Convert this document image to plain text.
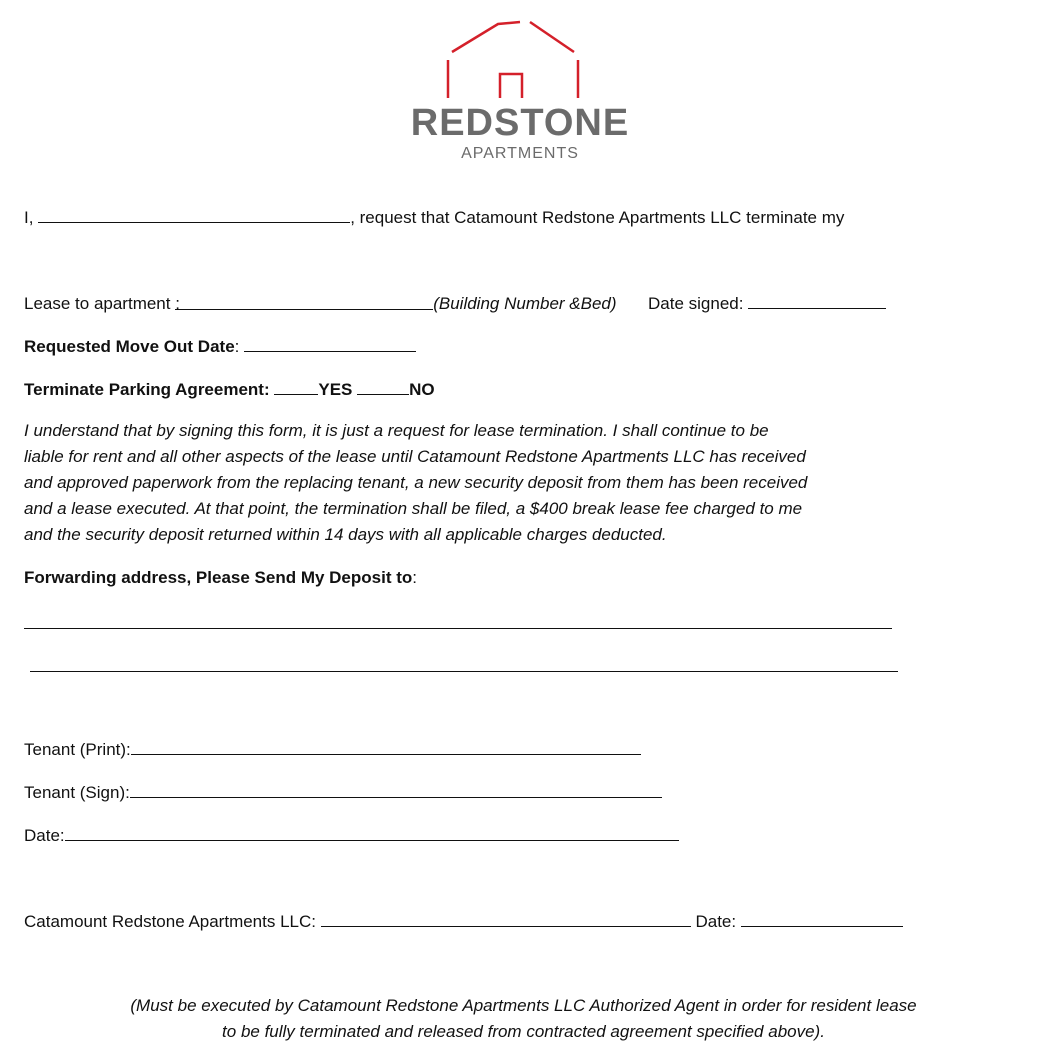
REDSTONE
APARTMENTS
I,	, request that Catamount Redstone Apartments LLC terminate my
Lease to apartment :	(Building Number &Bed) Date signed:
Requested Move Out Date:
Terminate Parking Agreement:	YES	NO
I understand that by signing this form, it is just a request for lease termination. I shall continue to be
liable for rent and all other aspects of the lease until Catamount Redstone Apartments LLC has received
and approved paperwork from the replacing tenant, a new security deposit from them has been received
and a lease executed. At that point, the termination shall be filed, a $400 break lease fee charged to me
and the security deposit returned within 14 days with all applicable charges deducted.
Forwarding address, Please Send My Deposit to:
Tenant (Print):
Tenant (Sign):
Date:
Catamount Redstone Apartments LLC:	Date:
(Must be executed by Catamount Redstone Apartments LLC Authorized Agent in order for resident lease
to be fully terminated and released from contracted agreement specified above).
